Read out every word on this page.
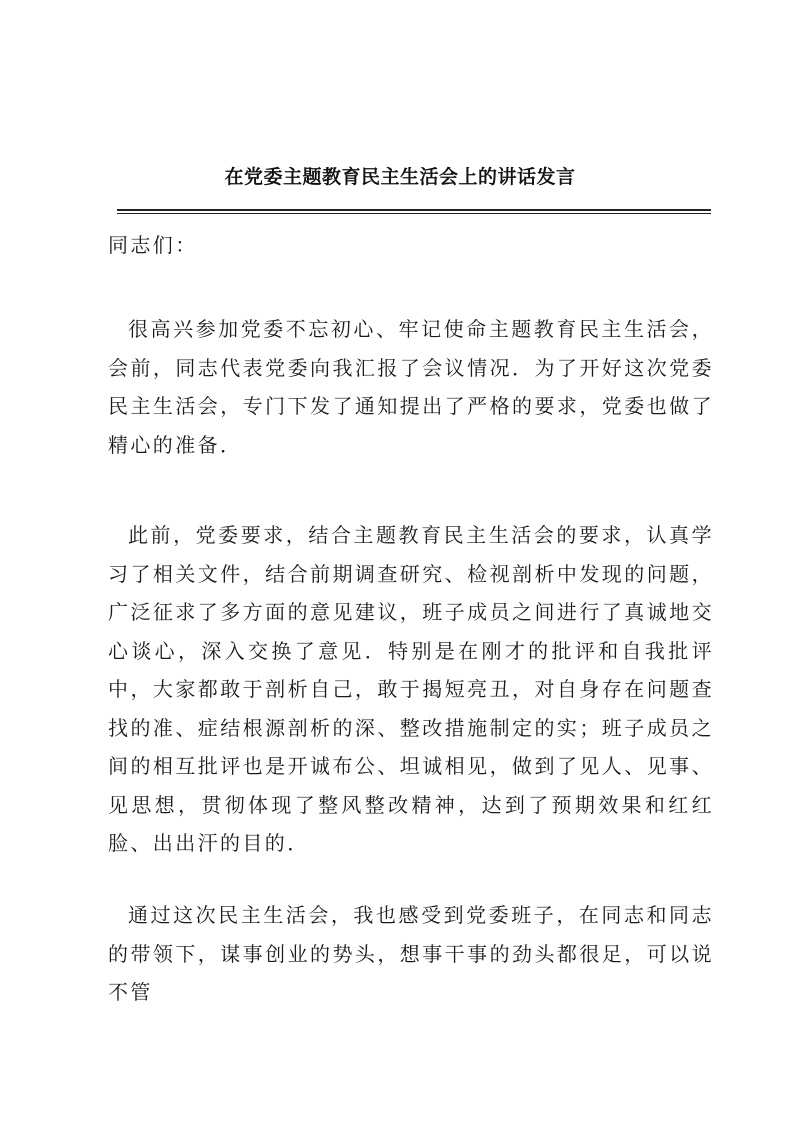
在党委主题教育民主生活会上的讲话发言
同志们：

很高兴参加党委不忘初心、牢记使命主题教育民主生活会，会前，同志代表党委向我汇报了会议情况．为了开好这次党委民主生活会，专门下发了通知提出了严格的要求，党委也做了精心的准备．

此前，党委要求，结合主题教育民主生活会的要求，认真学习了相关文件，结合前期调查研究、检视剖析中发现的问题，广泛征求了多方面的意见建议，班子成员之间进行了真诚地交心谈心，深入交换了意见．特别是在刚才的批评和自我批评中，大家都敢于剖析自己，敢于揭短亮丑，对自身存在问题查找的准、症结根源剖析的深、整改措施制定的实；班子成员之间的相互批评也是开诚布公、坦诚相见，做到了见人、见事、见思想，贯彻体现了整风整改精神，达到了预期效果和红红脸、出出汗的目的．

通过这次民主生活会，我也感受到党委班子，在同志和同志的带领下，谋事创业的势头，想事干事的劲头都很足，可以说不管
